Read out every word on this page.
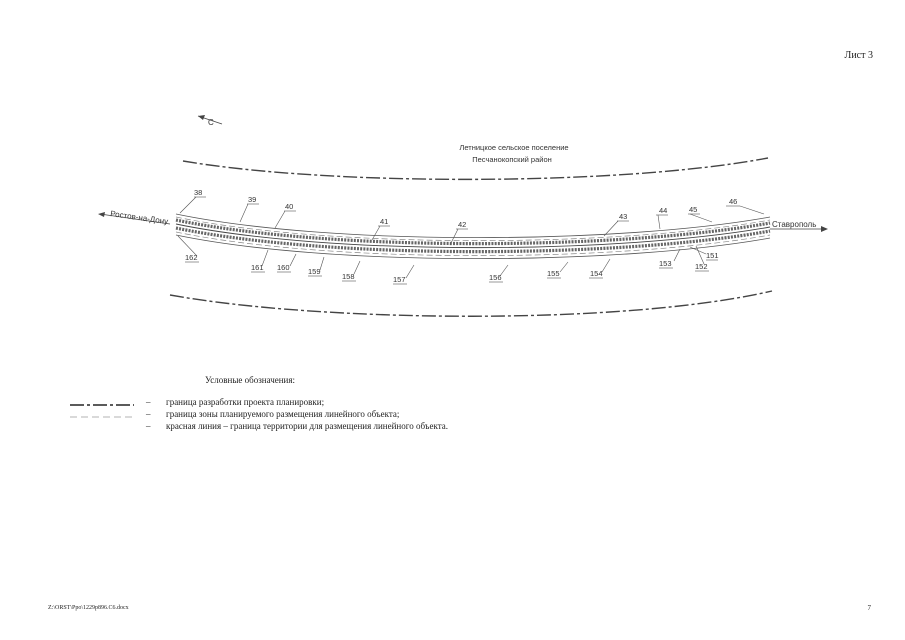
Лист 3
С
Летницкое сельское поселение
Песчанокопский район
Ростов-на-Дону	Ставрополь
38
39
40
41	42
43
44	45
46
162
161 160 159
158	157	156	155	154
153	152
151
Условные обозначения:
– граница разработки проекта планировки;
– граница зоны планируемого размещения линейного объекта;
– красная линия – граница территории для размещения линейного объекта.
Z:\ORST\Ppo\1229p896.C6.docx	7
